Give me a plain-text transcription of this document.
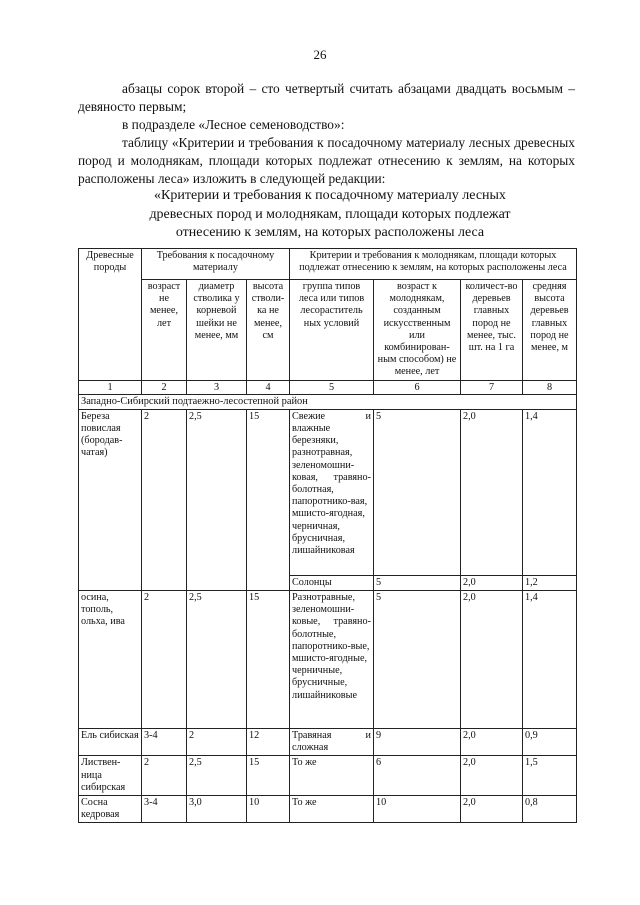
26
абзацы сорок второй – сто четвертый считать абзацами двадцать восьмым – девяносто первым;
в подразделе «Лесное семеноводство»:
таблицу «Критерии и требования к посадочному материалу лесных древесных пород и молоднякам, площади которых подлежат отнесению к землям, на которых расположены леса» изложить в следующей редакции:
«Критерии и требования к посадочному материалу лесных
древесных пород и молоднякам, площади которых подлежат
отнесению к землям, на которых расположены леса
Древесные породы	Требования к посадочному материалу			Критерии и требования к молоднякам, площади которых подлежат отнесению к землям, на которых расположены леса			
	возраст не менее, лет	диаметр стволика у корневой шейки не менее, мм	высота стволи-ка не менее, см	группа типов леса или типов лесораститель ных условий	возраст к молоднякам, созданным искусственным или комбинирован-ным способом) не менее, лет	количест-во деревьев главных пород не менее, тыс. шт. на 1 га	средняя высота деревьев главных пород не менее, м
1	2	3	4	5	6	7	8
Западно-Сибирский подтаежно-лесостепной район							
Береза повислая (бородав-чатая)	2	2,5	15	Свежие и влажные березняки, разнотравная, зеленомошни-ковая, травяно-болотная, папоротнико-вая, мшисто-ягодная, черничная, брусничная, лишайниковая	5	2,0	1,4
				Солонцы	5	2,0	1,2
осина, тополь, ольха, ива	2	2,5	15	Разнотравные, зеленомошни-ковые, травяно-болотные, папоротнико-вые, мшисто-ягодные, черничные, брусничные, лишайниковые	5	2,0	1,4
Ель сибиская	3-4	2	12	Травяная и сложная	9	2,0	0,9
Листвен-ница сибирская	2	2,5	15	То же	6	2,0	1,5
Сосна кедровая	3-4	3,0	10	То же	10	2,0	0,8
